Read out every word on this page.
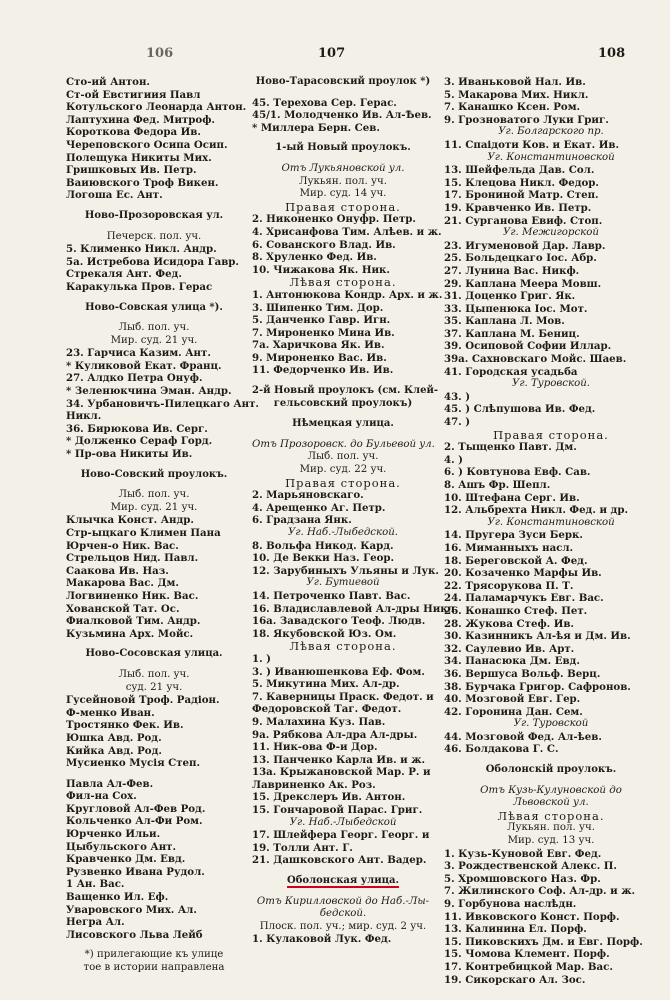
106	107	108
Сто-ий Антон.
Ст-ой Евстигиия Павл
Котульского Леонарда Антон.
Лаптухина Фед. Митроф.
Коротковa Федора Ив.
Череповского Осипа Осип.
Полещука Никиты Мих.
Гришковых Ив. Петр.
Ваиювского Троф Викен.
Логоша Ес. Ант.
Ново-Прозоровская ул.
Печерск. пол. уч.
5. Клименко Никл. Андр.
5а. Истребова Исидора Гавр.
Стрекаля Ант. Фед.
Каракулька Пров. Герас
Ново-Совская улица *).
Лыб. пол. уч.
Мир. суд. 21 уч.
23. Гарчиса Казим. Ант.
* Куликовой Екат. Франц.
27. Алдко Петра Онуф.
* Зеленюкчина Эман. Андр.
34. Урбановичъ-Пилецкаго Ант.
Никл.
36. Бирюкова Ив. Серг.
* Долженко Сераф Горд.
* Пр-ова Никиты Ив.
Ново-Совский проулокъ.
Лыб. пол. уч.
Мир. суд. 21 уч.
Клычка Конст. Андр.
Стр-ыцкаго Климен Пана
Юрчен-о Ник. Вас.
Стрельцов Нид. Павл.
Саакова Ив. Наз.
Макарова Вас. Дм.
Логвиненко Ник. Вас.
Хованской Тат. Ос.
Фиалковой Тим. Андр.
Кузьмина Арх. Мойс.
Ново-Сосовская улица.
Лыб. пол. уч.
суд. 21 уч.
Гусейновой Троф. Радіон.
Ф-менко Иван.
Тростянко Фек. Ив.
Юшка Авд. Род.
Кийка Авд. Род.
Мусиенко Мусія Степ.
Павла Ал-Фев.
Фил-на Сох.
Кругловой Ал-Фев Род.
Кольченко Ал-Фи Ром.
Юрченко Ильи.
Цыбульского Ант.
Кравченко Дм. Евд.
Рузвенко Ивана Рудол.
1 Ан. Вас.
Ващенко Ил. Еф.
Уваровского Мих. Ал.
Негра Ал.
Лисовского Льва Лейб
*) прилегающие къ улице
тое в истории направлена
Ново-Тарасовский проулок *)
45. Терехова Сер. Герас.
45/1. Молодченко Ив. Ал-Ѣев.
* Миллера Берн. Сев.
1-ый Новый проулокъ.
Отъ Лукьяновской ул.
Лукьян. пол. уч.
Мир. суд. 14 уч.
Правая сторона.
2. Никоненко Онуфр. Петр.
4. Хрисанфова Тим. Алѣев. и ж.
6. Сованского Влад. Ив.
8. Хруленко Фед. Ив.
10. Чижакова Як. Ник.
Лѣвая сторона.
1. Антонюкова Кондр. Арх. и ж.
3. Шипенко Тим. Дор.
5. Данченко Гавр. Игн.
7. Мироненко Мина Ив.
7а. Харичкова Як. Ив.
9. Мироненко Вас. Ив.
11. Федорченко Ив. Ив.
2-й Новый проулокъ (см. Клей-
гельсовский проулокъ)
Нѣмецкая улица.
Отъ Прозоровск. до Бульевой ул.
Лыб. пол. уч.
Мир. суд. 22 уч.
Правая сторона.
2. Марьяновскаго.
4. Арещенко Аг. Петр.
6. Градзана Янк.
Уг. Наб.-Лыбедской.
8. Вольфа Никод. Кард.
10. Де Векки Наз. Геор.
12. Зарубиныхъ Ульяны и Лук.
Уг. Бутиевой
14. Петроченко Павт. Вас.
16. Владиславлевой Ал-дры Никл.
16а. Завадского Теоф. Людв.
18. Якубовской Юз. Ом.
Лѣвая сторона.
1. )
3. ) Иванюшенкова Еф. Фом.
5. Микутина Мих. Ал-др.
7. Каверницы Праск. Федот. и
Федоровской Таг. Федот.
9. Малахина Куз. Пав.
9а. Рябкова Ал-дра Ал-дры.
11. Ник-ова Ф-и Дор.
13. Панченко Карла Ив. и ж.
13а. Крыжановской Мар. Р. и
Лавриненко Ак. Роз.
15. Дрекслеръ Ив. Антон.
15. Гончаровой Парас. Григ.
Уг. Наб.-Лыбедской
17. Шлейфера Георг. Георг. и
19. Толли Ант. Г.
21. Дашковского Ант. Вадер.
Оболонская улица.
Отъ Кирилловской до Наб.-Лы-
бедской.
Плоск. пол. уч.; мир. суд. 2 уч.
1. Кулаковой Лук. Фед.
3. Иваньковой Нал. Ив.
5. Макарова Мих. Никл.
7. Канашко Ксен. Ром.
9. Грозноватого Луки Григ.
Уг. Болгарского пр.
11. Спаідоти Ков. и Екат. Ив.
Уг. Константиновской
13. Шейфельда Дав. Сол.
15. Клецова Никл. Федор.
17. Брониной Матр. Степ.
19. Кравченко Ив. Петр.
21. Сургановa Евиф. Стоп.
Уг. Межигорской
23. Игуменовой Дар. Лавр.
25. Больдецкаго Іос. Абр.
27. Лунина Вас. Никф.
29. Каплана Меера Мовш.
31. Доценко Григ. Як.
33. Цыпенюка Іос. Мот.
35. Каплана Л. Мов.
37. Каплана М. Бениц.
39. Осиповой Софии Иллар.
39а. Сахновскаго Мойс. Шаев.
41. Городская усадьба
Уг. Туровской.
43. )
45. ) Слѣпушова Ив. Фед.
47. )
Правая сторона.
2. Тыщенко Павт. Дм.
4. )
6. ) Ковтунова Евф. Сав.
8. Ашъ Фр. Шепл.
10. Штефана Серг. Ив.
12. Альбрехта Никл. Фед. и др.
Уг. Константиновской
14. Пругера Зуси Берк.
16. Миманныхъ насл.
18. Береговской А. Фед.
20. Козаченко Марфы Ив.
22. Трясорукова П. Т.
24. Паламарчукъ Евг. Вас.
26. Конашко Стеф. Пет.
28. Жукова Стеф. Ив.
30. Казинникъ Ал-ѣя и Дм. Ив.
32. Саулевио Ив. Арт.
34. Панасюка Дм. Евд.
36. Вершуса Вольф. Верц.
38. Бурчака Григор. Сафронов.
40. Мозговой Евг. Гер.
42. Горонина Дан. Сем.
Уг. Туровской
44. Мозговой Фед. Ал-ѣев.
46. Болдакова Г. С.
Оболонскiй проулокъ.
Отъ Кузь-Кулуновской до
Львовской ул.
Лѣвая сторона.
Лукьян. пол. уч.
Мир. суд. 13 уч.
1. Кузь-Куновой Евг. Фед.
3. Рождественской Алекс. П.
5. Хромшовского Наз. Фр.
7. Жилинского Соф. Ал-др. и ж.
9. Горбунова наслѣдн.
11. Ивковского Конст. Порф.
13. Калинина Ел. Порф.
15. Пиковскихъ Дм. и Евг. Порф.
15. Чомова Клемент. Порф.
17. Контребицкой Мар. Вас.
19. Сикорскаго Ал. Зос.
